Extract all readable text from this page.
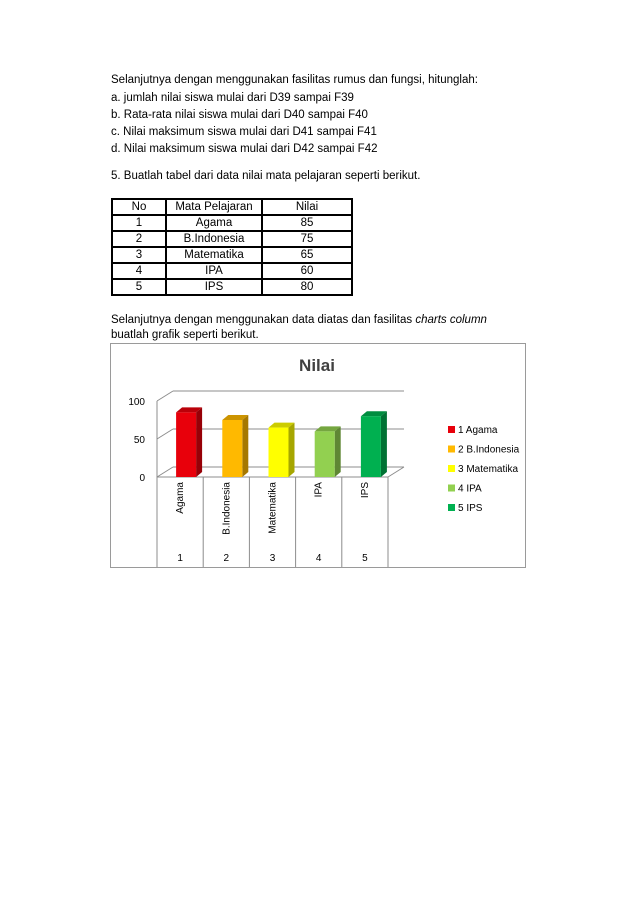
Selanjutnya dengan menggunakan fasilitas rumus dan fungsi, hitunglah:
a. jumlah nilai siswa mulai dari D39 sampai F39
b. Rata-rata nilai siswa mulai dari D40 sampai F40
c. Nilai maksimum siswa mulai dari D41 sampai F41
d. Nilai maksimum siswa mulai dari D42 sampai F42
5. Buatlah tabel dari data nilai mata pelajaran seperti berikut.
No	Mata Pelajaran	Nilai
1	Agama	85
2	B.Indonesia	75
3	Matematika	65
4	IPA	60
5	IPS	80
Selanjutnya dengan menggunakan data diatas dan fasilitas charts column
buatlah grafik seperti berikut.
Nilai
0
50
100
Agama
1
B.Indonesia
2
Matematika
3
IPA
4
IPS
5
1 Agama
2 B.Indonesia
3 Matematika
4 IPA
5 IPS
